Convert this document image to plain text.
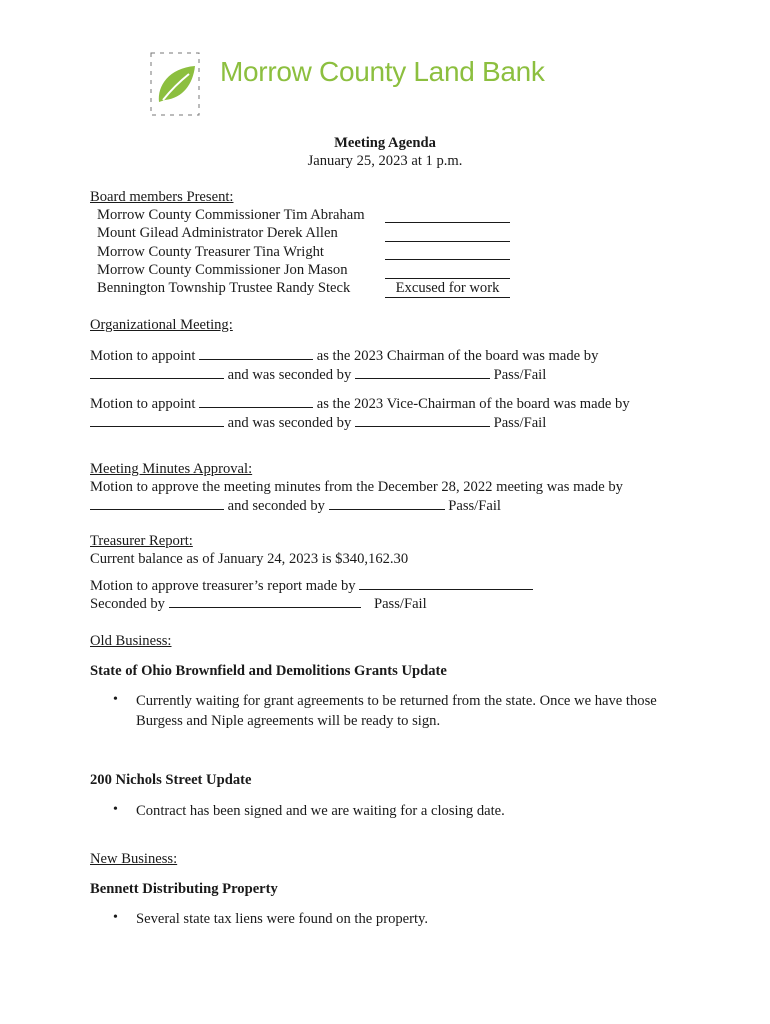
Morrow County Land Bank
Meeting Agenda
January 25, 2023 at 1 p.m.
Board members Present:
Morrow County Commissioner Tim Abraham
Mount Gilead Administrator Derek Allen
Morrow County Treasurer Tina Wright
Morrow County Commissioner Jon Mason
Bennington Township Trustee Randy Steck	Excused for work
Organizational Meeting:
Motion to appoint	as the 2023 Chairman of the board was made by
and was seconded by	Pass/Fail
Motion to appoint	as the 2023 Vice-Chairman of the board was made by
and was seconded by	Pass/Fail
Meeting Minutes Approval:
Motion to approve the meeting minutes from the December 28, 2022 meeting was made by
and seconded by	Pass/Fail
Treasurer Report:
Current balance as of January 24, 2023 is $340,162.30
Motion to approve treasurer’s report made by
Seconded by	Pass/Fail
Old Business:
State of Ohio Brownfield and Demolitions Grants Update
• Currently waiting for grant agreements to be returned from the state. Once we have those
Burgess and Niple agreements will be ready to sign.
200 Nichols Street Update
• Contract has been signed and we are waiting for a closing date.
New Business:
Bennett Distributing Property
• Several state tax liens were found on the property.
